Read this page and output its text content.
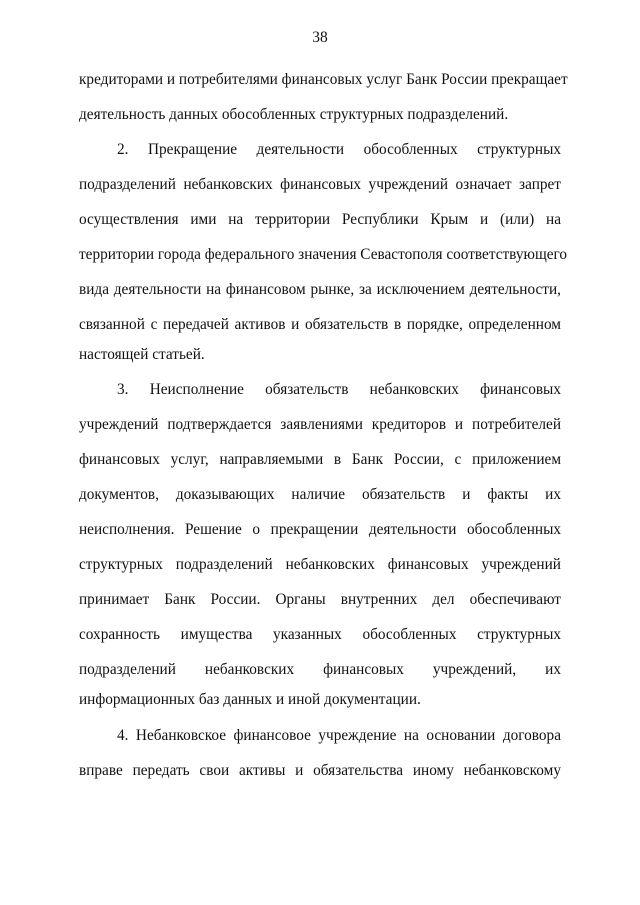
38
кредиторами и потребителями финансовых услуг Банк России прекращает
деятельность данных обособленных структурных подразделений.
2. Прекращение деятельности обособленных структурных
подразделений небанковских финансовых учреждений означает запрет
осуществления ими на территории Республики Крым и (или) на
территории города федерального значения Севастополя соответствующего
вида деятельности на финансовом рынке, за исключением деятельности,
связанной с передачей активов и обязательств в порядке, определенном
настоящей статьей.
3. Неисполнение обязательств небанковских финансовых
учреждений подтверждается заявлениями кредиторов и потребителей
финансовых услуг, направляемыми в Банк России, с приложением
документов, доказывающих наличие обязательств и факты их
неисполнения. Решение о прекращении деятельности обособленных
структурных подразделений небанковских финансовых учреждений
принимает Банк России. Органы внутренних дел обеспечивают
сохранность имущества указанных обособленных структурных
подразделений небанковских финансовых учреждений, их
информационных баз данных и иной документации.
4. Небанковское финансовое учреждение на основании договора
вправе передать свои активы и обязательства иному небанковскому
